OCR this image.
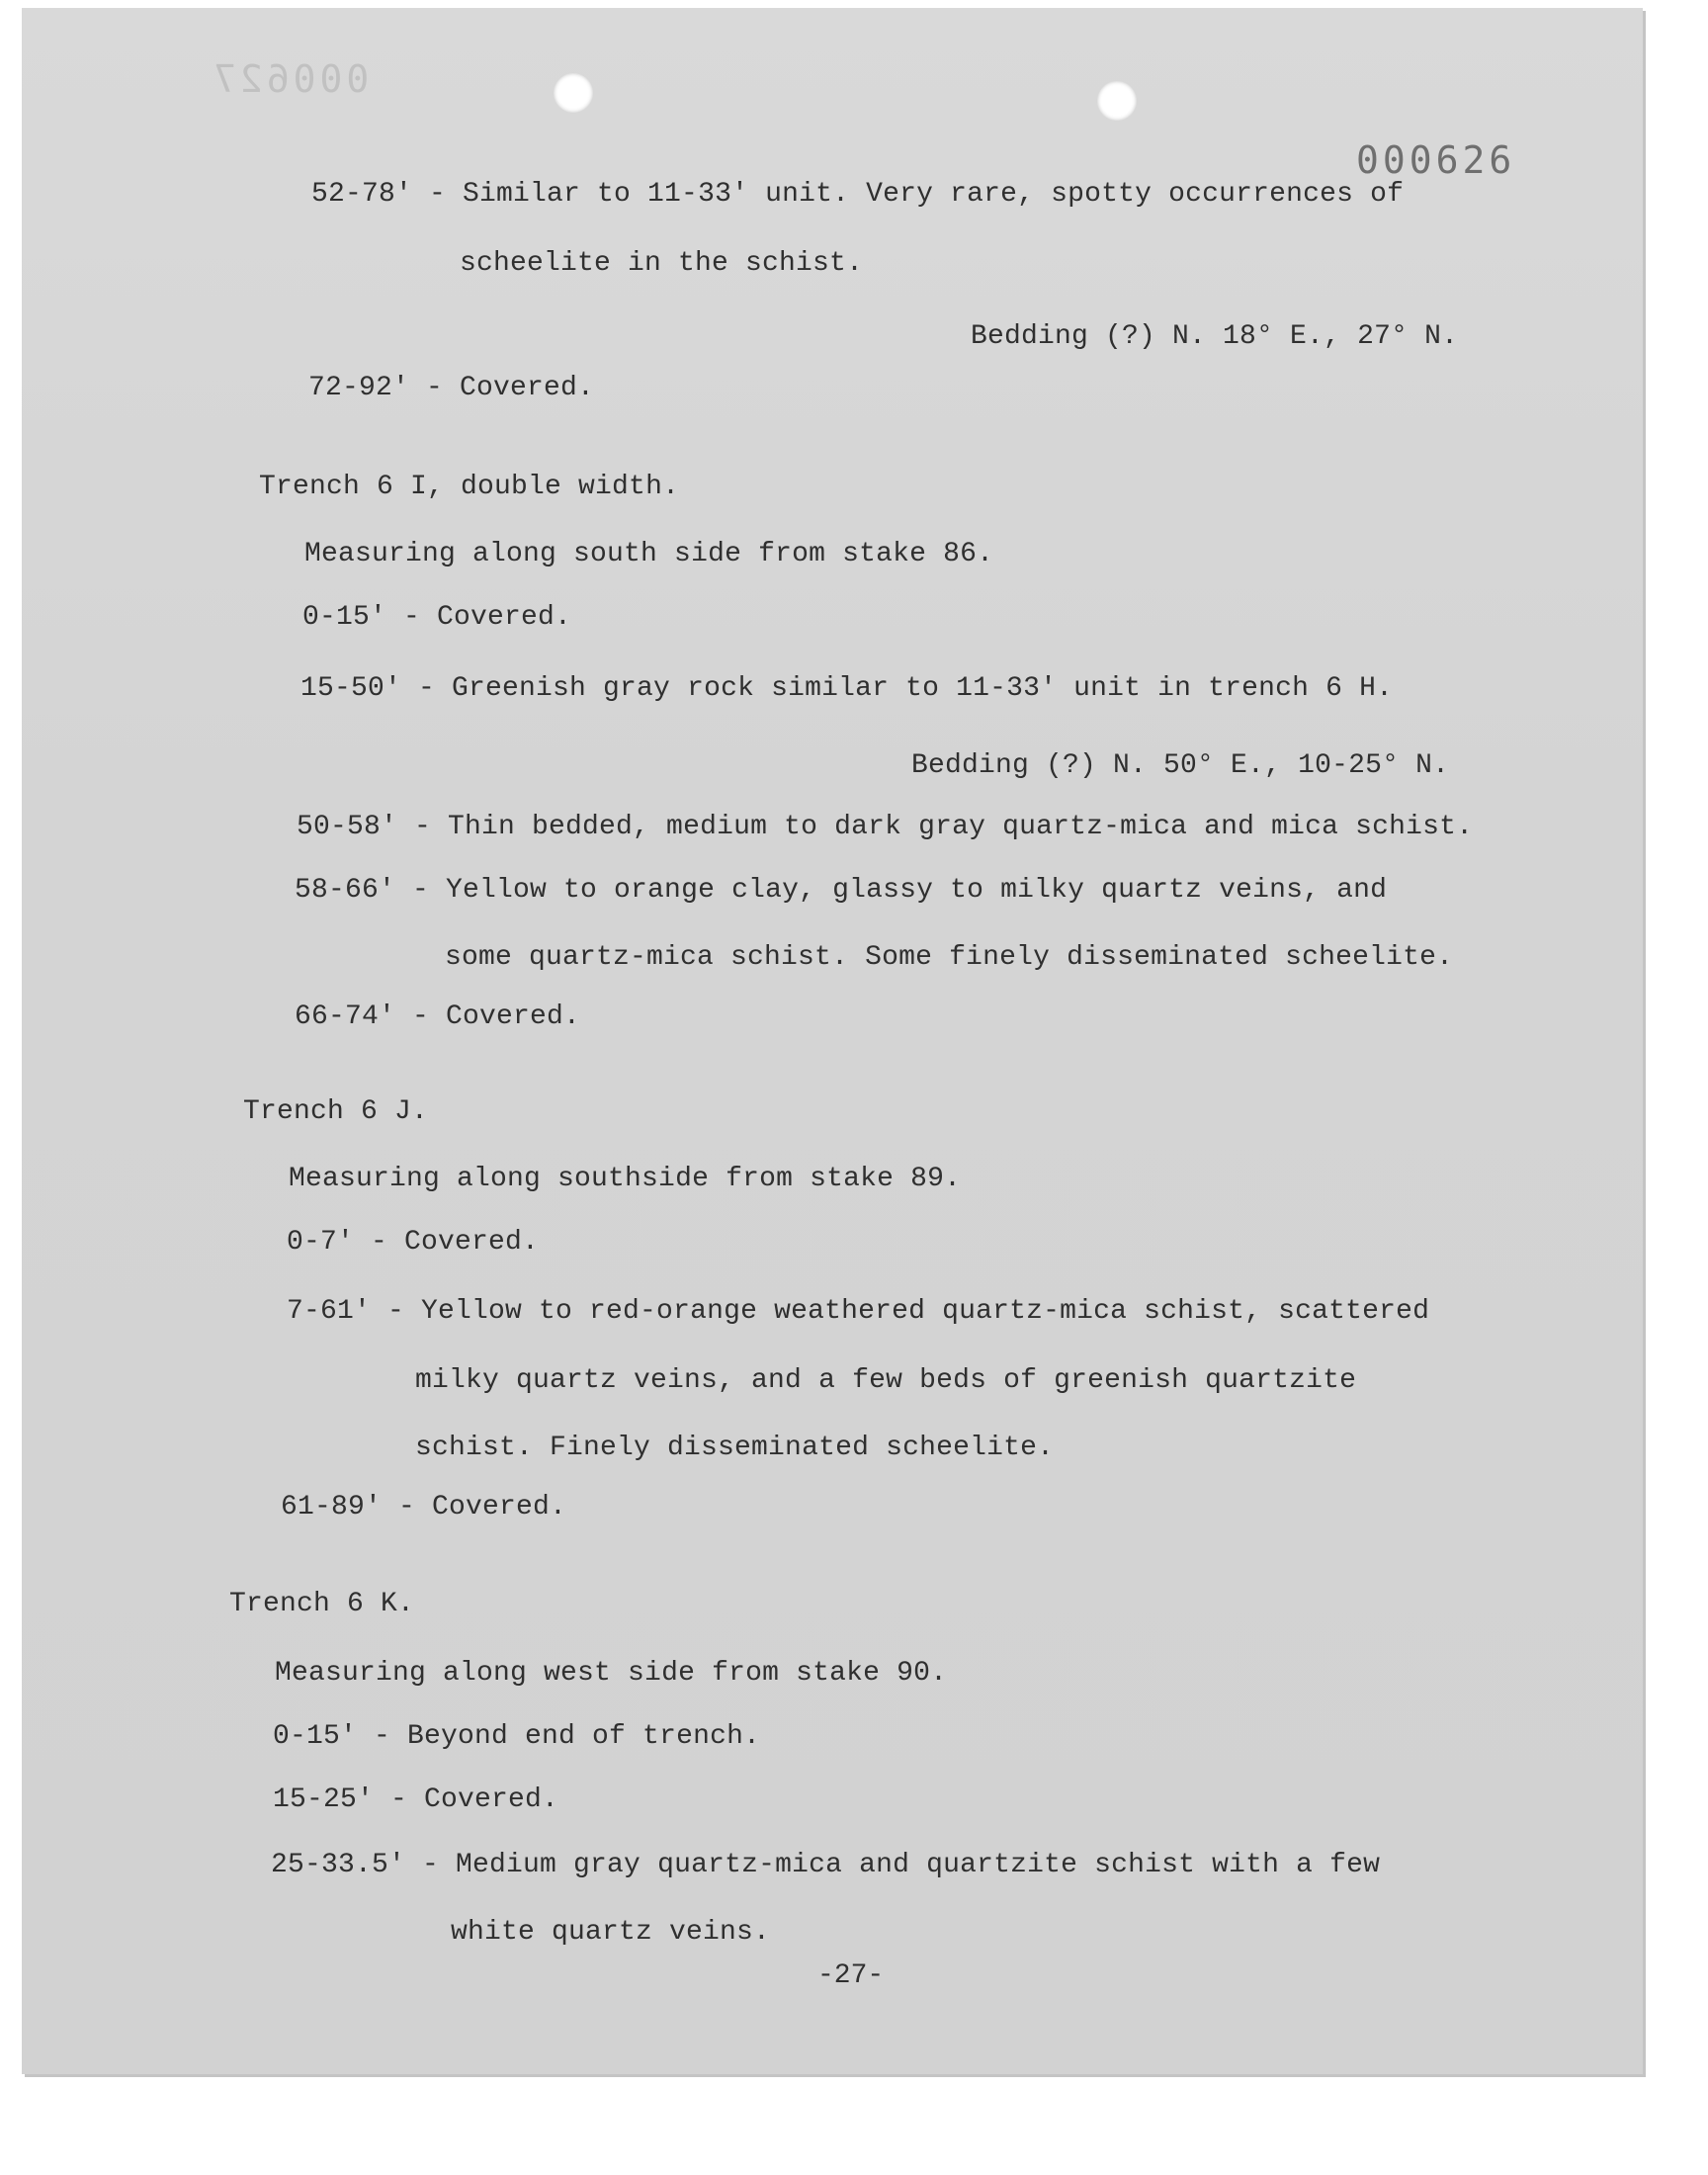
000627
000626
52-78' - Similar to 11-33' unit. Very rare, spotty occurrences of
scheelite in the schist.
Bedding (?) N. 18° E., 27° N.
72-92' - Covered.
Trench 6 I, double width.
Measuring along south side from stake 86.
0-15' - Covered.
15-50' - Greenish gray rock similar to 11-33' unit in trench 6 H.
Bedding (?) N. 50° E., 10-25° N.
50-58' - Thin bedded, medium to dark gray quartz-mica and mica schist.
58-66' - Yellow to orange clay, glassy to milky quartz veins, and
some quartz-mica schist. Some finely disseminated scheelite.
66-74' - Covered.
Trench 6 J.
Measuring along southside from stake 89.
0-7' - Covered.
7-61' - Yellow to red-orange weathered quartz-mica schist, scattered
milky quartz veins, and a few beds of greenish quartzite
schist. Finely disseminated scheelite.
61-89' - Covered.
Trench 6 K.
Measuring along west side from stake 90.
0-15' - Beyond end of trench.
15-25' - Covered.
25-33.5' - Medium gray quartz-mica and quartzite schist with a few
white quartz veins.
-27-
